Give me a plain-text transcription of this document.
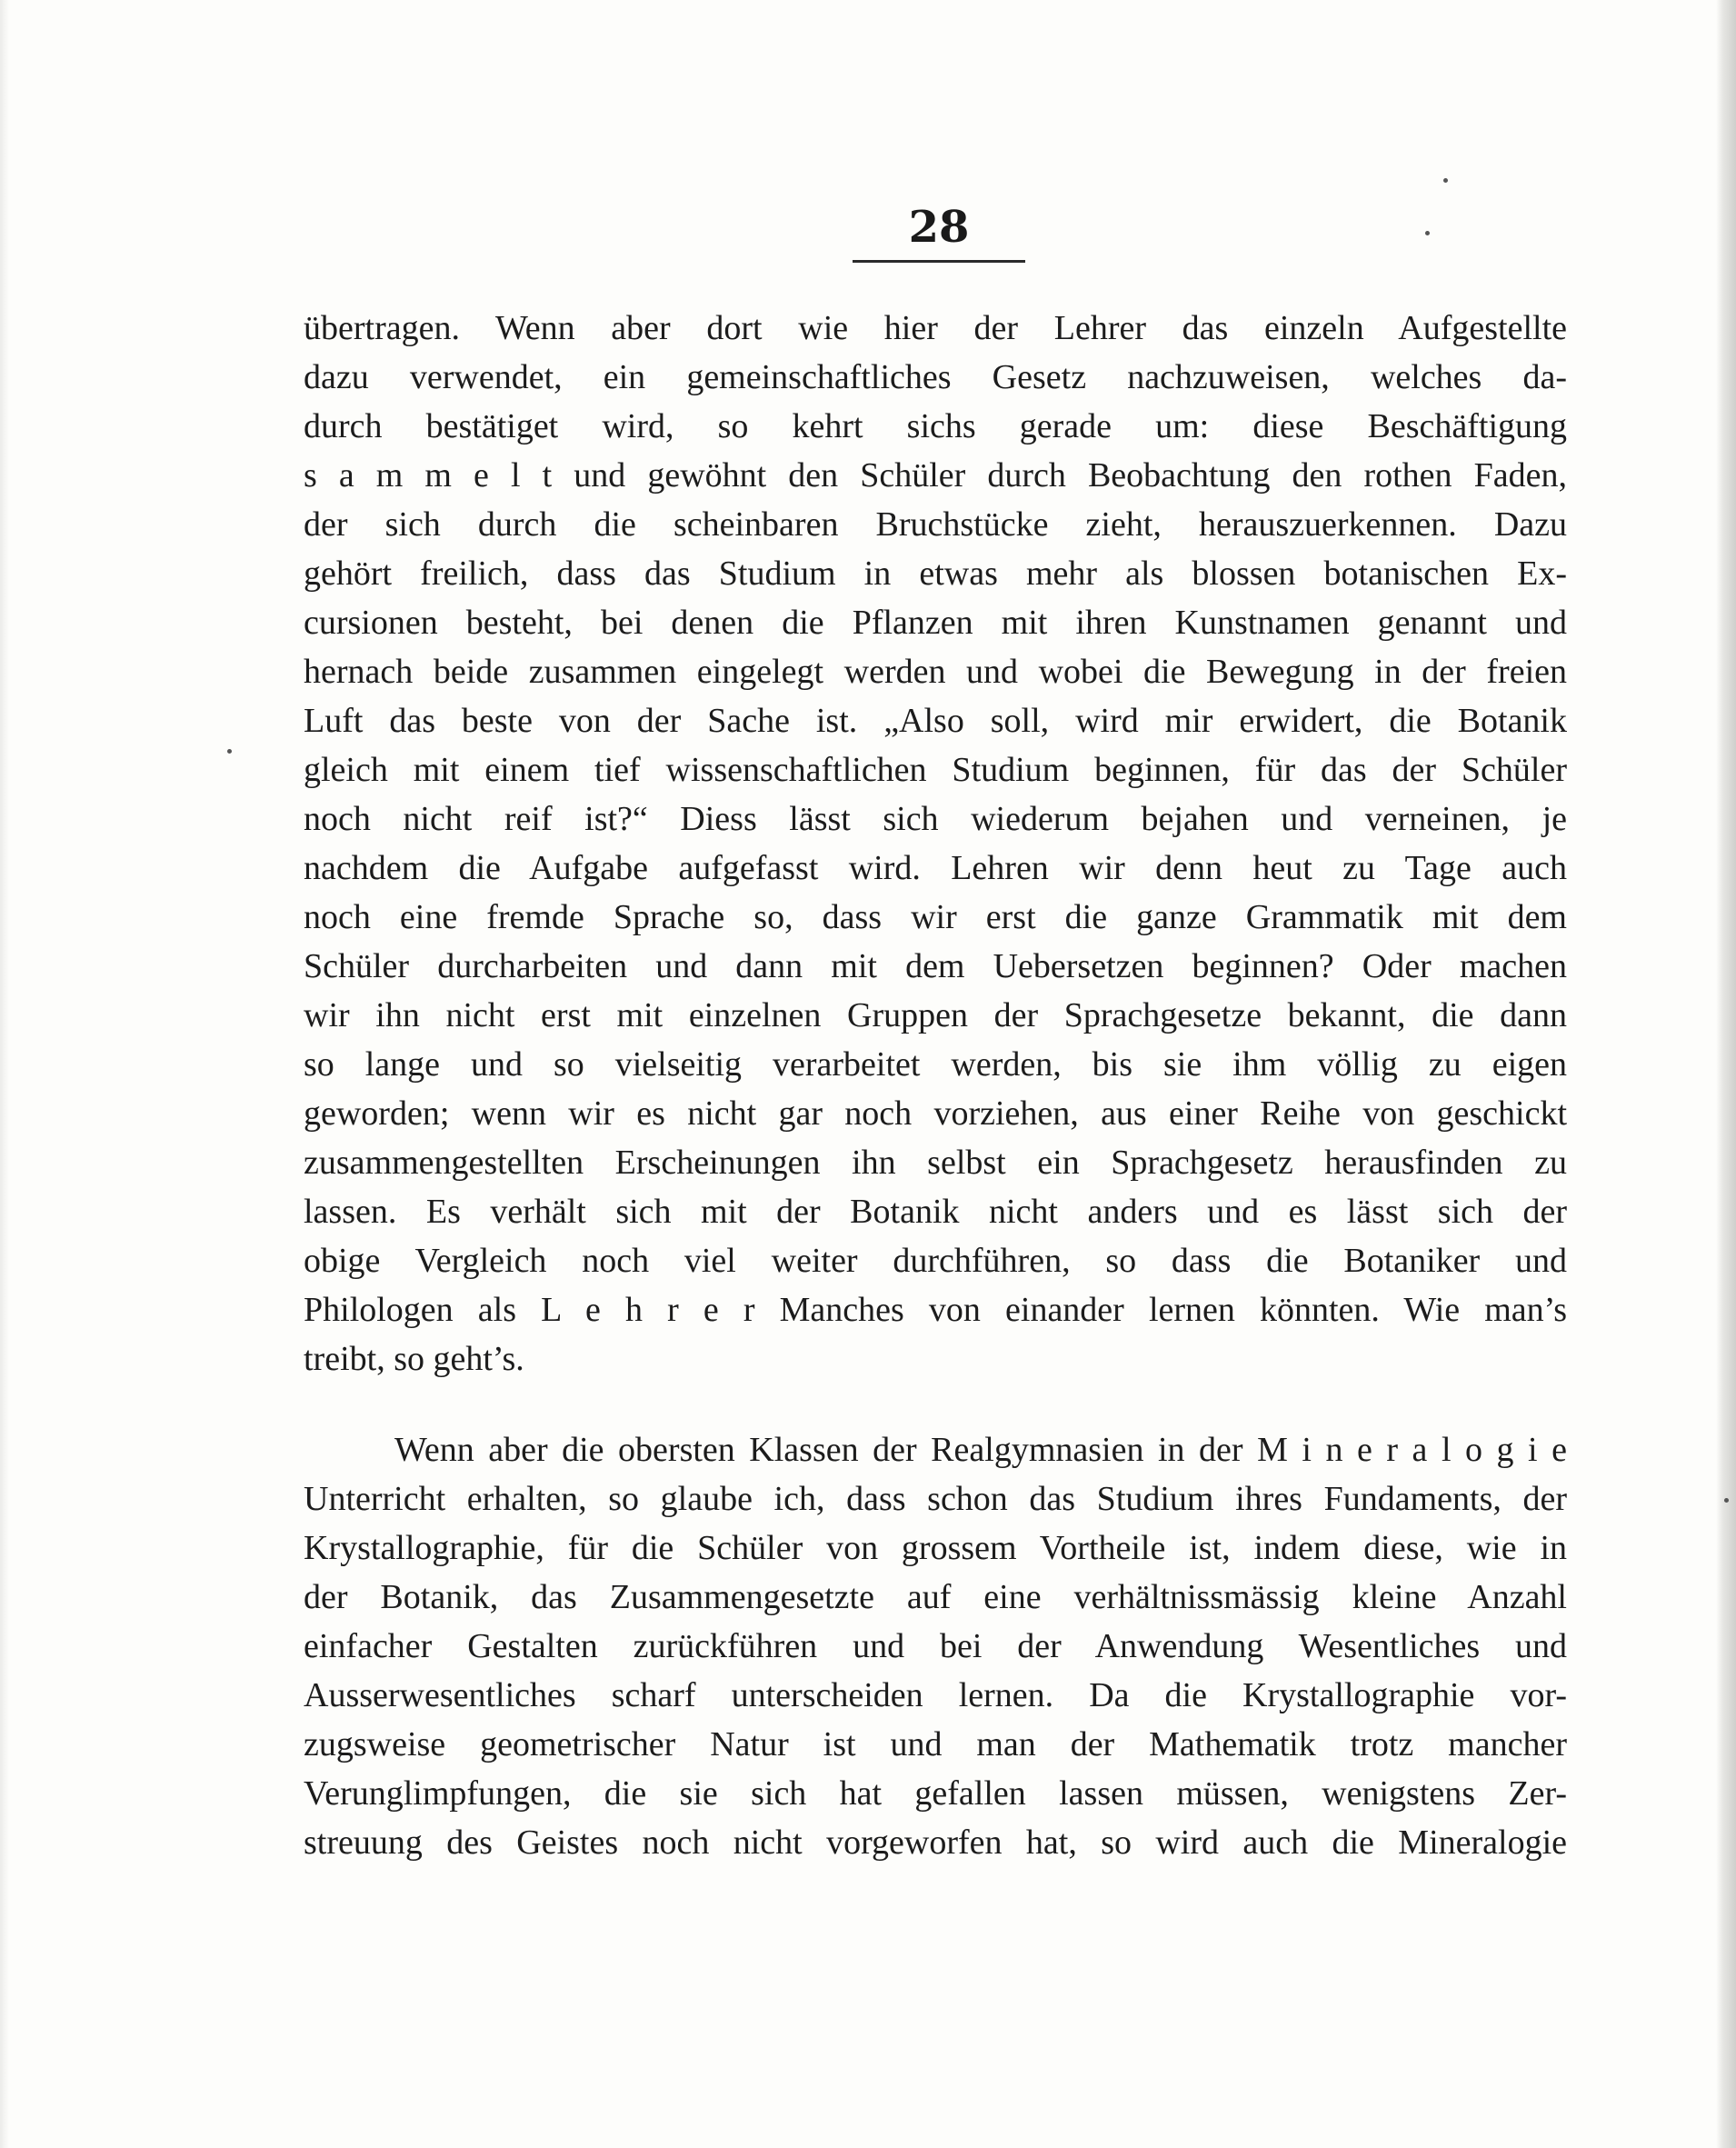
28
übertragen. Wenn aber dort wie hier der Lehrer das einzeln Aufgestellte
dazu verwendet, ein gemeinschaftliches Gesetz nachzuweisen, welches da-
durch bestätiget wird, so kehrt sichs gerade um: diese Beschäftigung
s a m m e l t und gewöhnt den Schüler durch Beobachtung den rothen Faden,
der sich durch die scheinbaren Bruchstücke zieht, herauszuerkennen. Dazu
gehört freilich, dass das Studium in etwas mehr als blossen botanischen Ex-
cursionen besteht, bei denen die Pflanzen mit ihren Kunstnamen genannt und
hernach beide zusammen eingelegt werden und wobei die Bewegung in der freien
Luft das beste von der Sache ist. „Also soll, wird mir erwidert, die Botanik
gleich mit einem tief wissenschaftlichen Studium beginnen, für das der Schüler
noch nicht reif ist?“ Diess lässt sich wiederum bejahen und verneinen, je
nachdem die Aufgabe aufgefasst wird. Lehren wir denn heut zu Tage auch
noch eine fremde Sprache so, dass wir erst die ganze Grammatik mit dem
Schüler durcharbeiten und dann mit dem Uebersetzen beginnen? Oder machen
wir ihn nicht erst mit einzelnen Gruppen der Sprachgesetze bekannt, die dann
so lange und so vielseitig verarbeitet werden, bis sie ihm völlig zu eigen
geworden; wenn wir es nicht gar noch vorziehen, aus einer Reihe von geschickt
zusammengestellten Erscheinungen ihn selbst ein Sprachgesetz herausfinden zu
lassen. Es verhält sich mit der Botanik nicht anders und es lässt sich der
obige Vergleich noch viel weiter durchführen, so dass die Botaniker und
Philologen als L e h r e r Manches von einander lernen könnten. Wie man’s
treibt, so geht’s.
Wenn aber die obersten Klassen der Realgymnasien in der M i n e r a l o g i e
Unterricht erhalten, so glaube ich, dass schon das Studium ihres Fundaments, der
Krystallographie, für die Schüler von grossem Vortheile ist, indem diese, wie in
der Botanik, das Zusammengesetzte auf eine verhältnissmässig kleine Anzahl
einfacher Gestalten zurückführen und bei der Anwendung Wesentliches und
Ausserwesentliches scharf unterscheiden lernen. Da die Krystallographie vor-
zugsweise geometrischer Natur ist und man der Mathematik trotz mancher
Verunglimpfungen, die sie sich hat gefallen lassen müssen, wenigstens Zer-
streuung des Geistes noch nicht vorgeworfen hat, so wird auch die Mineralogie
